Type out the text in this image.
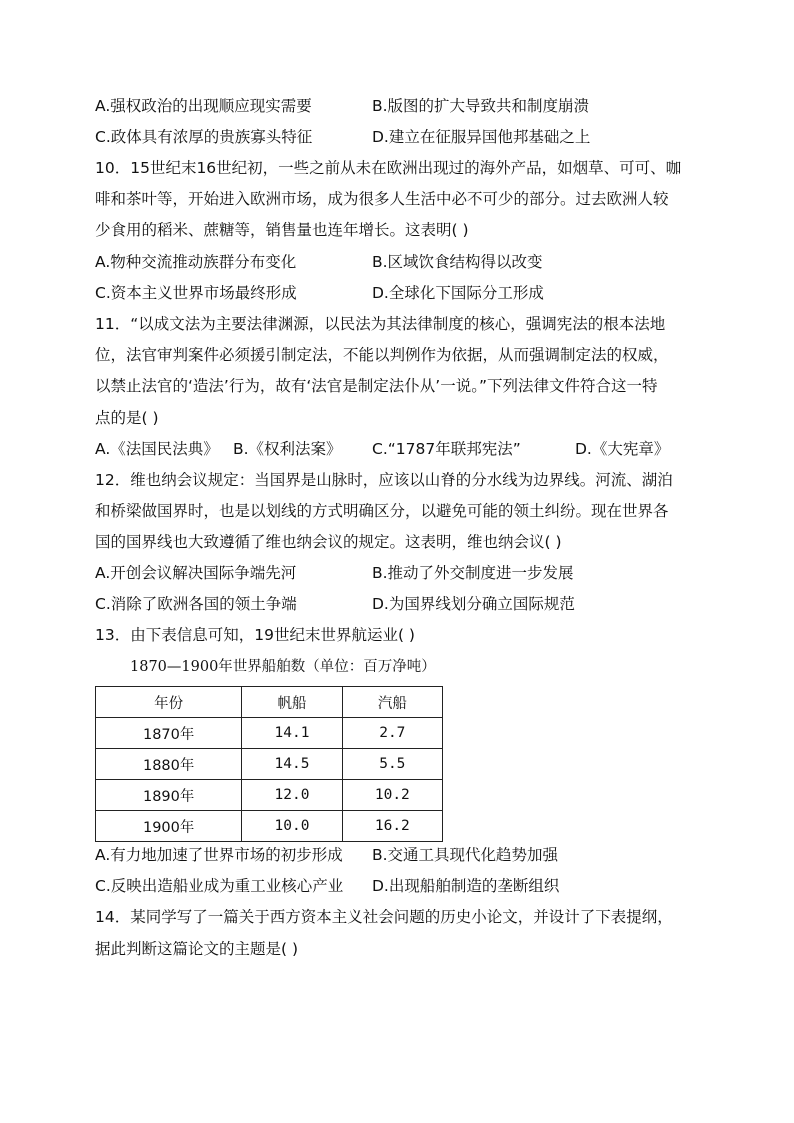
A.强权政治的出现顺应现实需要	B.版图的扩大导致共和制度崩溃
C.政体具有浓厚的贵族寡头特征	D.建立在征服异国他邦基础之上
10．15世纪末16世纪初，一些之前从未在欧洲出现过的海外产品，如烟草、可可、咖
啡和茶叶等，开始进入欧洲市场，成为很多人生活中必不可少的部分。过去欧洲人较
少食用的稻米、蔗糖等，销售量也连年增长。这表明( )
A.物种交流推动族群分布变化	B.区域饮食结构得以改变
C.资本主义世界市场最终形成	D.全球化下国际分工形成
11．“以成文法为主要法律渊源，以民法为其法律制度的核心，强调宪法的根本法地
位，法官审判案件必须援引制定法，不能以判例作为依据，从而强调制定法的权威，
以禁止法官的‘造法’行为，故有‘法官是制定法仆从’一说。”下列法律文件符合这一特
点的是( )
A.《法国民法典》 B.《权利法案》 C.“1787年联邦宪法”	D.《大宪章》
12．维也纳会议规定：当国界是山脉时，应该以山脊的分水线为边界线。河流、湖泊
和桥梁做国界时，也是以划线的方式明确区分，以避免可能的领土纠纷。现在世界各
国的国界线也大致遵循了维也纳会议的规定。这表明，维也纳会议( )
A.开创会议解决国际争端先河	B.推动了外交制度进一步发展
C.消除了欧洲各国的领土争端	D.为国界线划分确立国际规范
13．由下表信息可知，19世纪末世界航运业( )
1870—1900年世界船舶数（单位：百万净吨）
年份	帆船	汽船
1870年	14.1	2.7
1880年	14.5	5.5
1890年	12.0	10.2
1900年	10.0	16.2
A.有力地加速了世界市场的初步形成 B.交通工具现代化趋势加强
C.反映出造船业成为重工业核心产业 D.出现船舶制造的垄断组织
14．某同学写了一篇关于西方资本主义社会问题的历史小论文，并设计了下表提纲，
据此判断这篇论文的主题是( )
